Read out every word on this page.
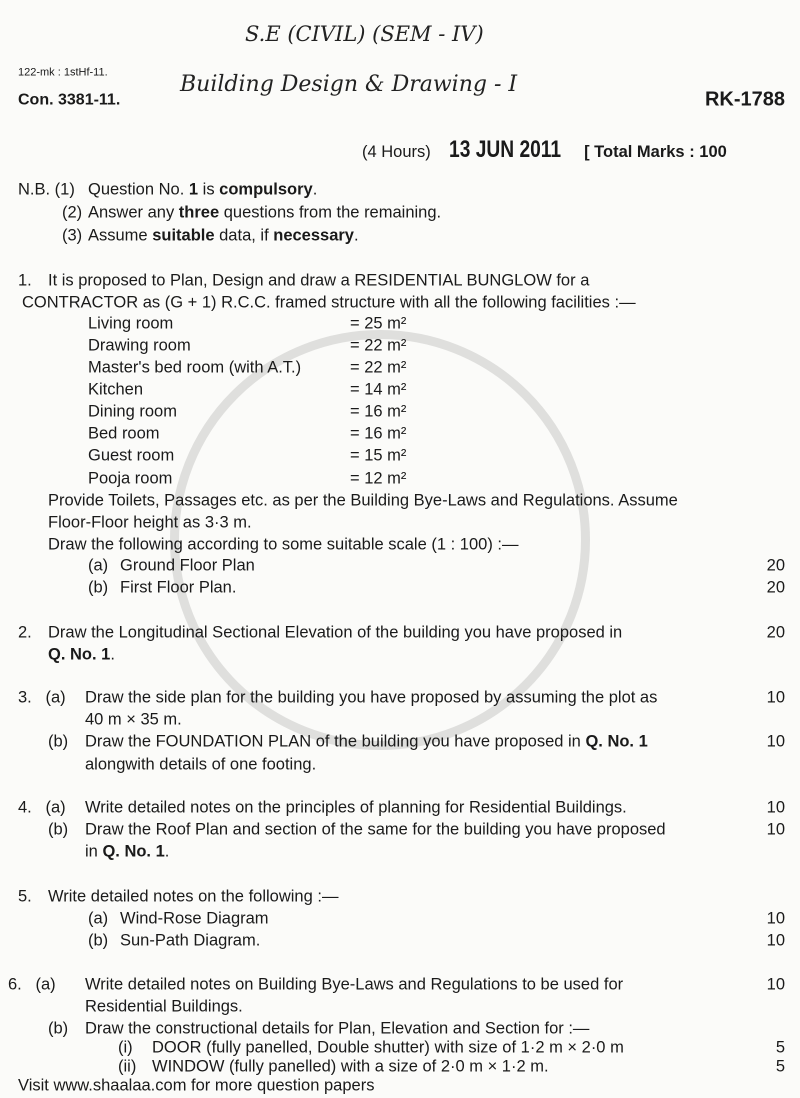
122-mk : 1stHf-11.
Con. 3381-11.
S.E (CIVIL) (SEM - IV)
Building Design & Drawing - I
RK-1788
(4 Hours) 13 JUN 2011 [ Total Marks : 100
N.B. (1) Question No. 1 is compulsory.
(2) Answer any three questions from the remaining.
(3) Assume suitable data, if necessary.
1. It is proposed to Plan, Design and draw a RESIDENTIAL BUNGLOW for a
CONTRACTOR as (G + 1) R.C.C. framed structure with all the following facilities :—
Living room	= 25 m²
Drawing room	= 22 m²
Master's bed room (with A.T.)	= 22 m²
Kitchen	= 14 m²
Dining room	= 16 m²
Bed room	= 16 m²
Guest room	= 15 m²
Pooja room	= 12 m²
Provide Toilets, Passages etc. as per the Building Bye-Laws and Regulations. Assume
Floor-Floor height as 3·3 m.
Draw the following according to some suitable scale (1 : 100) :—
(a) Ground Floor Plan	20
(b) First Floor Plan.	20
2. Draw the Longitudinal Sectional Elevation of the building you have proposed in	20
Q. No. 1.
3.   (a) Draw the side plan for the building you have proposed by assuming the plot as	10
40 m × 35 m.
(b) Draw the FOUNDATION PLAN of the building you have proposed in Q. No. 1	10
alongwith details of one footing.
4.   (a) Write detailed notes on the principles of planning for Residential Buildings.	10
(b) Draw the Roof Plan and section of the same for the building you have proposed	10
in Q. No. 1.
5. Write detailed notes on the following :—
(a) Wind-Rose Diagram	10
(b) Sun-Path Diagram.	10
6.   (a) Write detailed notes on Building Bye-Laws and Regulations to be used for	10
Residential Buildings.
(b) Draw the constructional details for Plan, Elevation and Section for :—
(i) DOOR (fully panelled, Double shutter) with size of 1·2 m × 2·0 m	5
(ii) WINDOW (fully panelled) with a size of 2·0 m × 1·2 m.	5
Visit www.shaalaa.com for more question papers
